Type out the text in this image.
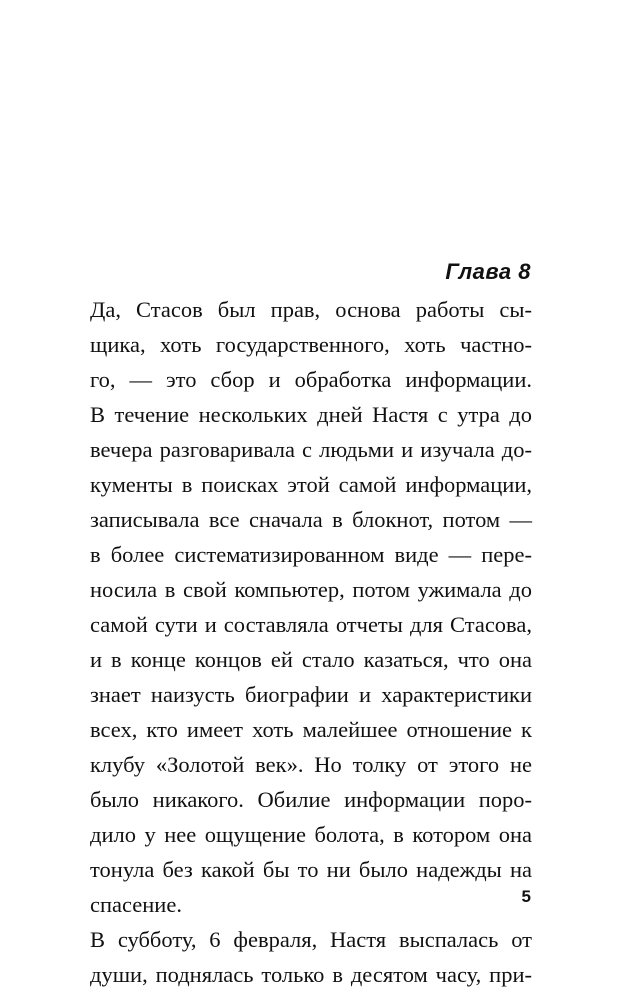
Глава 8
Да, Стасов был прав, основа работы сы-
щика, хоть государственного, хоть частно-
го, — это сбор и обработка информации.
В течение нескольких дней Настя с утра до
вечера разговаривала с людьми и изучала до-
кументы в поисках этой самой информации,
записывала все сначала в блокнот, потом —
в более систематизированном виде — пере-
носила в свой компьютер, потом ужимала до
самой сути и составляла отчеты для Стасова,
и в конце концов ей стало казаться, что она
знает наизусть биографии и характеристики
всех, кто имеет хоть малейшее отношение к
клубу «Золотой век». Но толку от этого не
было никакого. Обилие информации поро-
дило у нее ощущение болота, в котором она
тонула без какой бы то ни было надежды на
спасение.
В субботу, 6 февраля, Настя выспалась от
души, поднялась только в десятом часу, при-
5
